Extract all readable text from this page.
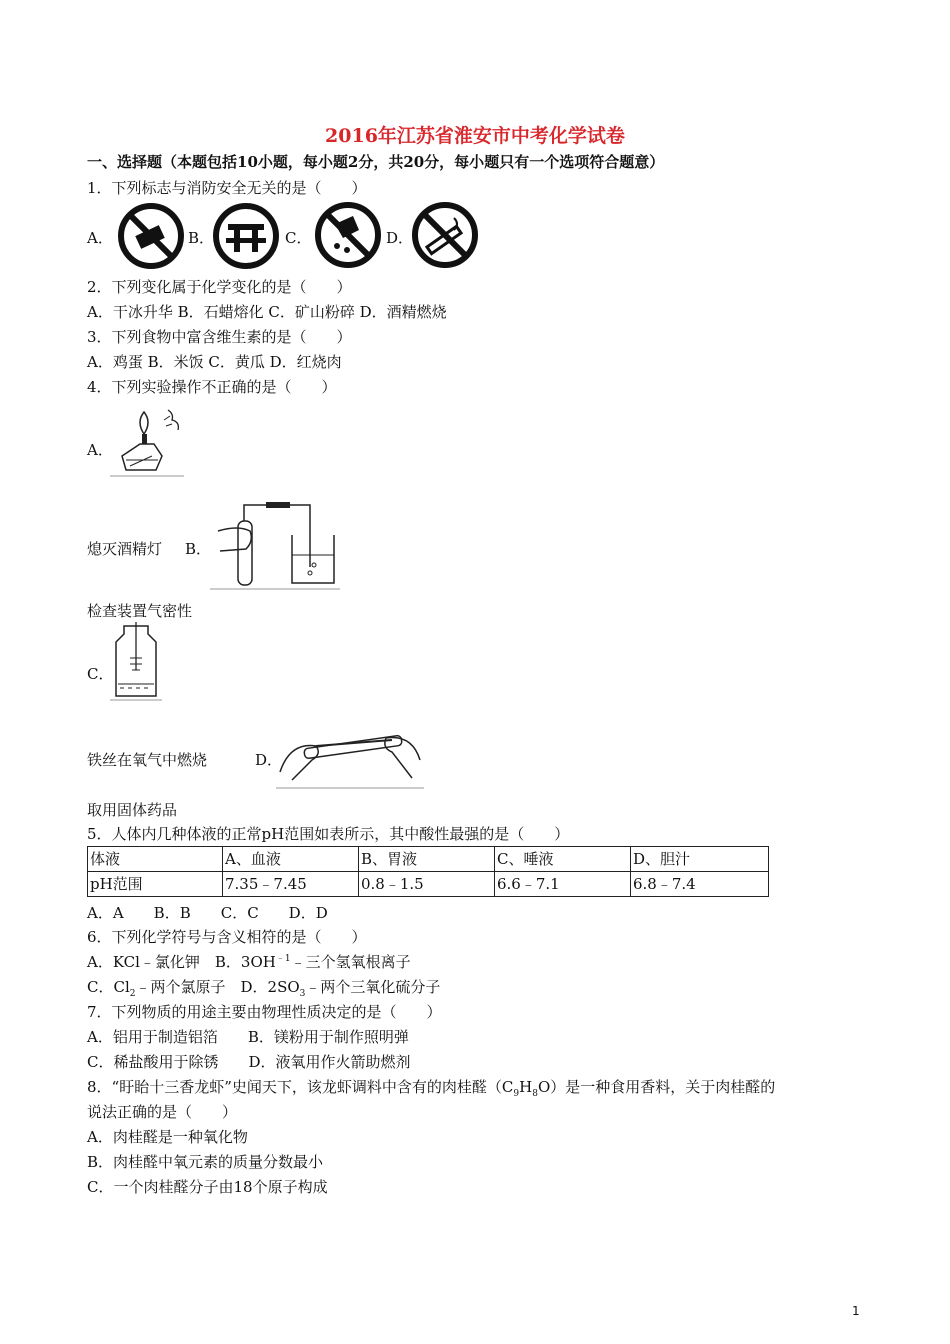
2016年江苏省淮安市中考化学试卷
一、选择题（本题包括10小题，每小题2分，共20分，每小题只有一个选项符合题意）
1．下列标志与消防安全无关的是（　　）
A．	B．	C．	D．
2．下列变化属于化学变化的是（　　）
A．干冰升华 B．石蜡熔化 C．矿山粉碎 D．酒精燃烧
3．下列食物中富含维生素的是（　　）
A．鸡蛋 B．米饭 C．黄瓜 D．红烧肉
4．下列实验操作不正确的是（　　）
A．
熄灭酒精灯 B．
检查装置气密性
C．
铁丝在氧气中燃烧	D．
取用固体药品
5．人体内几种体液的正常pH范围如表所示，其中酸性最强的是（　　）
体液	A、血液	B、胃液	C、唾液	D、胆汁
pH范围	7.35﹣7.45	0.8﹣1.5	6.6﹣7.1	6.8﹣7.4
A．A　　B．B　　C．C　　D．D
6．下列化学符号与含义相符的是（　　）
A．KCl﹣氯化钾　B．$3OH^{﹣1}﹣$三个氢氧根离子
C．$Cl_2﹣$两个氯原子　D．$2SO_3﹣$两个三氧化硫分子
7．下列物质的用途主要由物理性质决定的是（　　）
A．铝用于制造铝箔　　B．镁粉用于制作照明弹
C．稀盐酸用于除锈　　D．液氧用作火箭助燃剂
8．“盱眙十三香龙虾”史闻天下，该龙虾调料中含有的肉桂醛$(C_9H_8O)$是一种食用香料，关于肉桂醛的
说法正确的是（　　）
A．肉桂醛是一种氧化物
B．肉桂醛中氧元素的质量分数最小
C．一个肉桂醛分子由18个原子构成
1
